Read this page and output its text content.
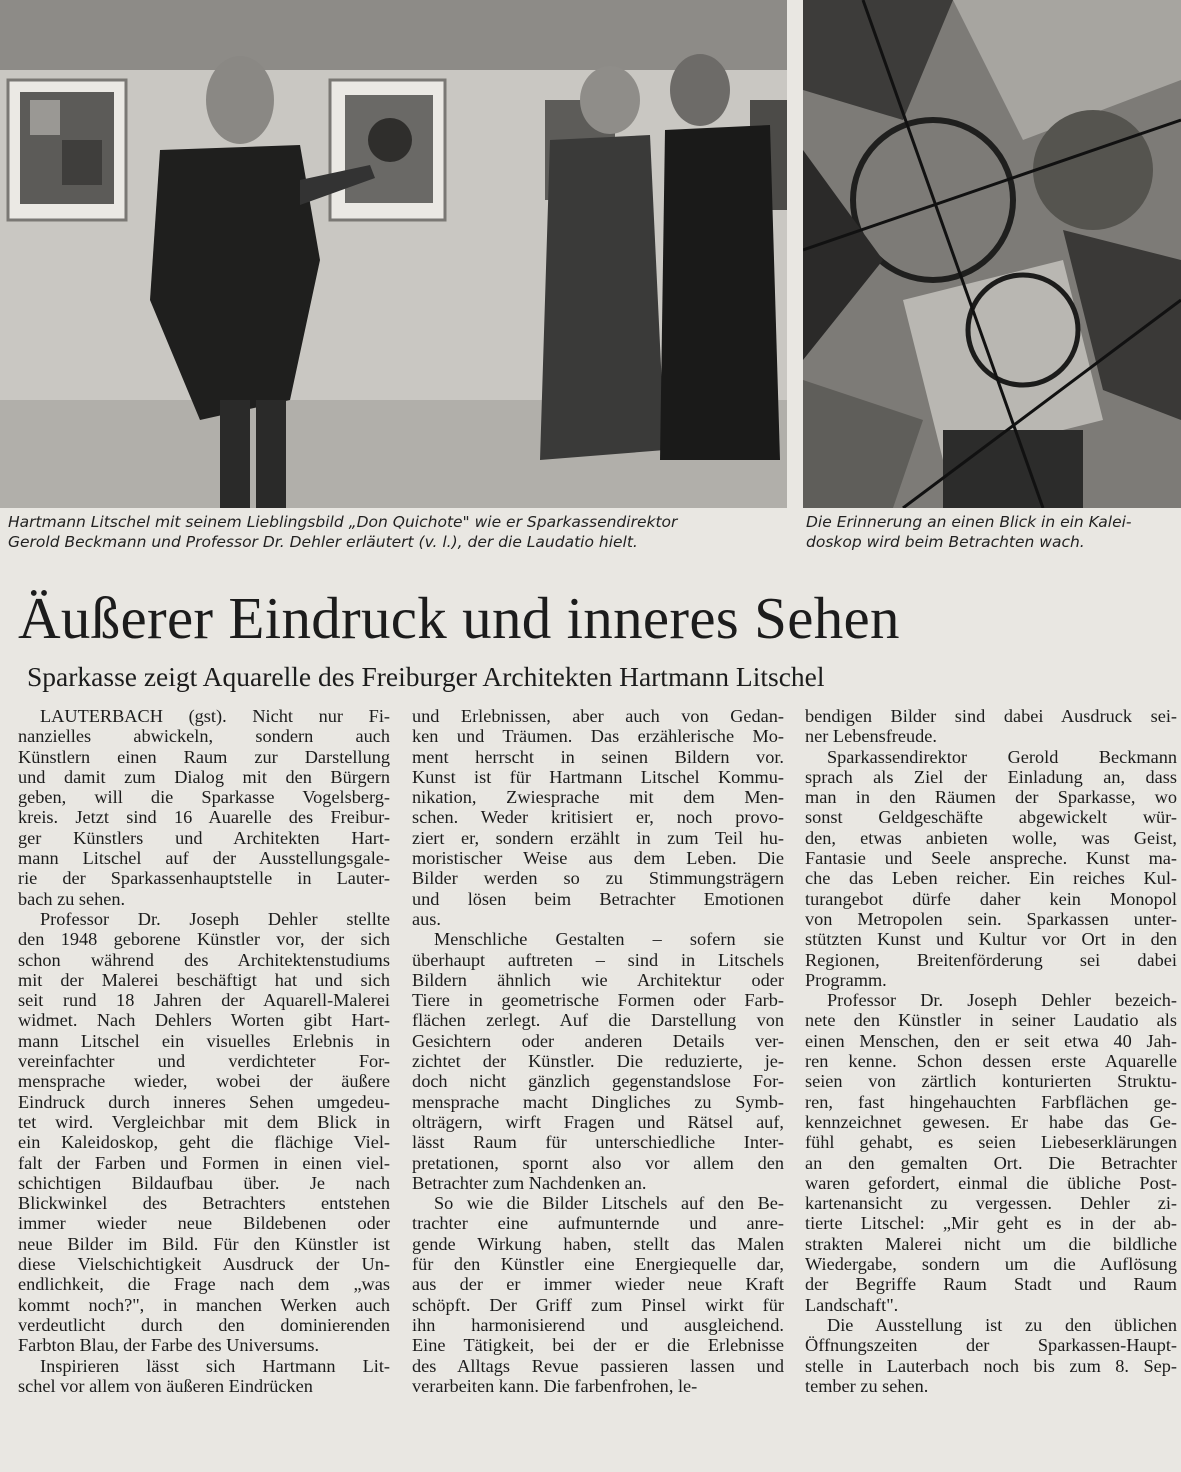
Hartmann Litschel mit seinem Lieblingsbild „Don Quichote" wie er Sparkassendirektor
Gerold Beckmann und Professor Dr. Dehler erläutert (v. l.), der die Laudatio hielt.
Die Erinnerung an einen Blick in ein Kalei-
doskop wird beim Betrachten wach.
Äußerer Eindruck und inneres Sehen
Sparkasse zeigt Aquarelle des Freiburger Architekten Hartmann Litschel

LAUTERBACH (gst). Nicht nur Fi-
nanzielles abwickeln, sondern auch
Künstlern einen Raum zur Darstellung
und damit zum Dialog mit den Bürgern
geben, will die Sparkasse Vogelsberg-
kreis. Jetzt sind 16 Auarelle des Freibur-
ger Künstlers und Architekten Hart-
mann Litschel auf der Ausstellungsgale-
rie der Sparkassenhauptstelle in Lauter-
bach zu sehen.

Professor Dr. Joseph Dehler stellte
den 1948 geborene Künstler vor, der sich
schon während des Architektenstudiums
mit der Malerei beschäftigt hat und sich
seit rund 18 Jahren der Aquarell-Malerei
widmet. Nach Dehlers Worten gibt Hart-
mann Litschel ein visuelles Erlebnis in
vereinfachter und verdichteter For-
mensprache wieder, wobei der äußere
Eindruck durch inneres Sehen umgedeu-
tet wird. Vergleichbar mit dem Blick in
ein Kaleidoskop, geht die flächige Viel-
falt der Farben und Formen in einen viel-
schichtigen Bildaufbau über. Je nach
Blickwinkel des Betrachters entstehen
immer wieder neue Bildebenen oder
neue Bilder im Bild. Für den Künstler ist
diese Vielschichtigkeit Ausdruck der Un-
endlichkeit, die Frage nach dem „was
kommt noch?", in manchen Werken auch
verdeutlicht durch den dominierenden
Farbton Blau, der Farbe des Universums.

Inspirieren lässt sich Hartmann Lit-
schel vor allem von äußeren Eindrücken

und Erlebnissen, aber auch von Gedan-
ken und Träumen. Das erzählerische Mo-
ment herrscht in seinen Bildern vor.
Kunst ist für Hartmann Litschel Kommu-
nikation, Zwiesprache mit dem Men-
schen. Weder kritisiert er, noch provo-
ziert er, sondern erzählt in zum Teil hu-
moristischer Weise aus dem Leben. Die
Bilder werden so zu Stimmungsträgern
und lösen beim Betrachter Emotionen
aus.

Menschliche Gestalten – sofern sie
überhaupt auftreten – sind in Litschels
Bildern ähnlich wie Architektur oder
Tiere in geometrische Formen oder Farb-
flächen zerlegt. Auf die Darstellung von
Gesichtern oder anderen Details ver-
zichtet der Künstler. Die reduzierte, je-
doch nicht gänzlich gegenstandslose For-
mensprache macht Dingliches zu Symb-
olträgern, wirft Fragen und Rätsel auf,
lässt Raum für unterschiedliche Inter-
pretationen, spornt also vor allem den
Betrachter zum Nachdenken an.

So wie die Bilder Litschels auf den Be-
trachter eine aufmunternde und anre-
gende Wirkung haben, stellt das Malen
für den Künstler eine Energiequelle dar,
aus der er immer wieder neue Kraft
schöpft. Der Griff zum Pinsel wirkt für
ihn harmonisierend und ausgleichend.
Eine Tätigkeit, bei der er die Erlebnisse
des Alltags Revue passieren lassen und
verarbeiten kann. Die farbenfrohen, le-

bendigen Bilder sind dabei Ausdruck sei-
ner Lebensfreude.

Sparkassendirektor Gerold Beckmann
sprach als Ziel der Einladung an, dass
man in den Räumen der Sparkasse, wo
sonst Geldgeschäfte abgewickelt wür-
den, etwas anbieten wolle, was Geist,
Fantasie und Seele anspreche. Kunst ma-
che das Leben reicher. Ein reiches Kul-
turangebot dürfe daher kein Monopol
von Metropolen sein. Sparkassen unter-
stützten Kunst und Kultur vor Ort in den
Regionen, Breitenförderung sei dabei
Programm.

Professor Dr. Joseph Dehler bezeich-
nete den Künstler in seiner Laudatio als
einen Menschen, den er seit etwa 40 Jah-
ren kenne. Schon dessen erste Aquarelle
seien von zärtlich konturierten Struktu-
ren, fast hingehauchten Farbflächen ge-
kennzeichnet gewesen. Er habe das Ge-
fühl gehabt, es seien Liebeserklärungen
an den gemalten Ort. Die Betrachter
waren gefordert, einmal die übliche Post-
kartenansicht zu vergessen. Dehler zi-
tierte Litschel: „Mir geht es in der ab-
strakten Malerei nicht um die bildliche
Wiedergabe, sondern um die Auflösung
der Begriffe Raum Stadt und Raum
Landschaft".

Die Ausstellung ist zu den üblichen
Öffnungszeiten der Sparkassen-Haupt-
stelle in Lauterbach noch bis zum 8. Sep-
tember zu sehen.
